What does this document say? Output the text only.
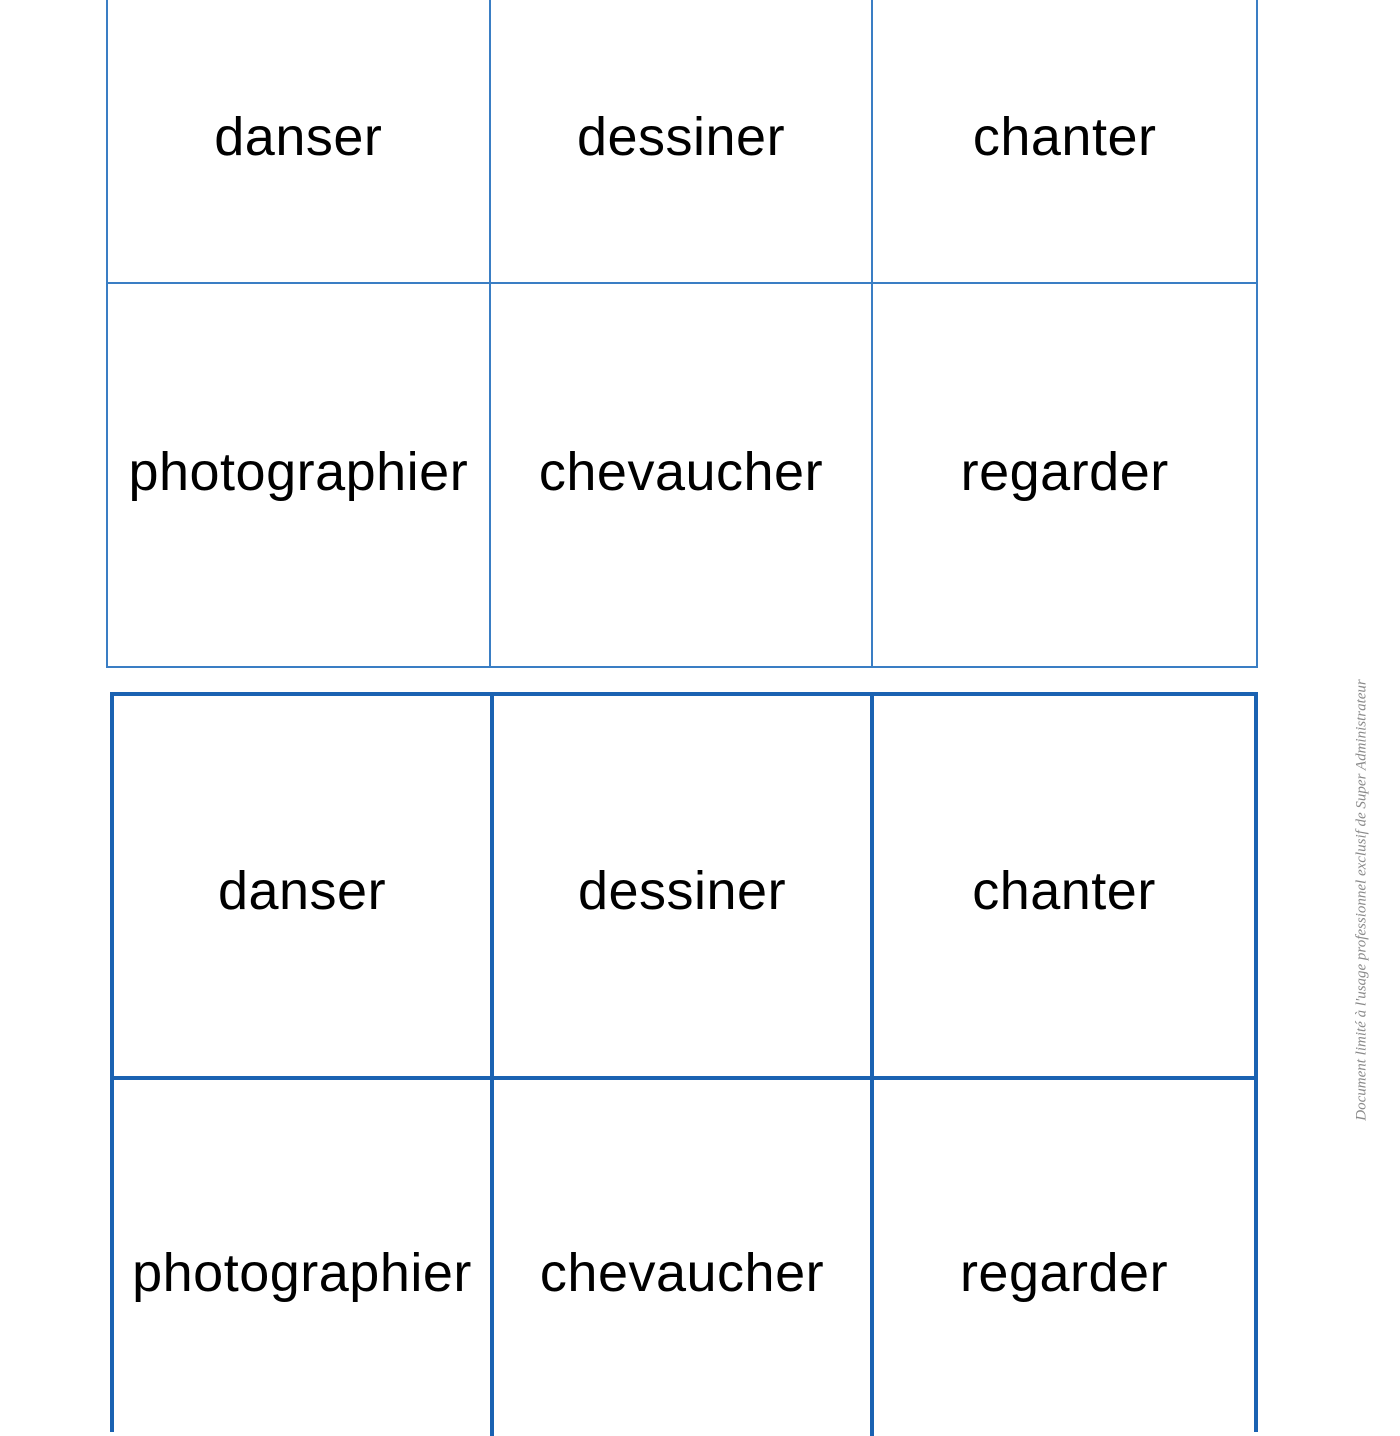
danser	dessiner	chanter
photographier	chevaucher	regarder
danser	dessiner	chanter
photographier	chevaucher	regarder
Document limité à l'usage professionnel exclusif de Super Administrateur
